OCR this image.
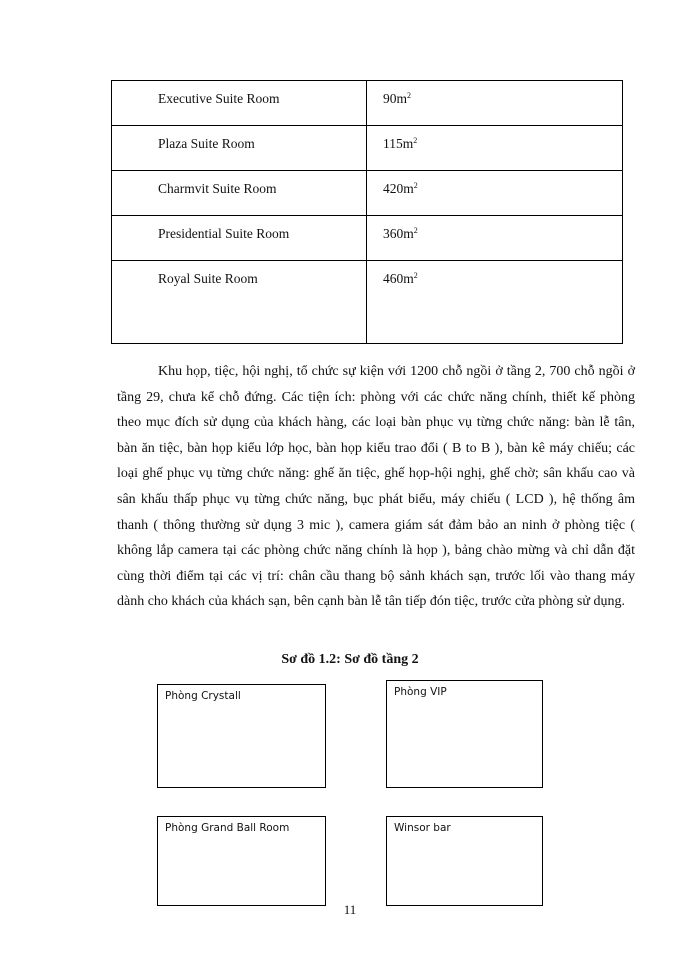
Executive Suite Room	$90m^2$
Plaza Suite Room	$115m^2$
Charmvit Suite Room	$420m^2$
Presidential Suite Room	$360m^2$
Royal Suite Room	$460m^2$

Khu họp, tiệc, hội nghị, tổ chức sự kiện với 1200 chỗ ngồi ở tầng 2, 700 chỗ ngồi ở tầng 29, chưa kể chỗ đứng. Các tiện ích: phòng với các chức năng chính, thiết kế phòng theo mục đích sử dụng của khách hàng, các loại bàn phục vụ từng chức năng: bàn lễ tân, bàn ăn tiệc, bàn họp kiểu lớp học, bàn họp kiểu trao đổi ( B to B ), bàn kê máy chiếu; các loại ghế phục vụ từng chức năng: ghế ăn tiệc, ghế họp-hội nghị, ghế chờ; sân khấu cao và sân khấu thấp phục vụ từng chức năng, bục phát biểu, máy chiếu ( LCD ), hệ thống âm thanh ( thông thường sử dụng 3 mic ), camera giám sát đảm bảo an ninh ở phòng tiệc ( không lắp camera tại các phòng chức năng chính là họp ), bảng chào mừng và chỉ dẫn đặt cùng thời điểm tại các vị trí: chân cầu thang bộ sảnh khách sạn, trước lối vào thang máy dành cho khách của khách sạn, bên cạnh bàn lễ tân tiếp đón tiệc, trước cửa phòng sử dụng.

Sơ đồ 1.2: Sơ đồ tầng 2
Phòng Crystall	Phòng VIP
Phòng Grand Ball Room	Winsor bar
11
